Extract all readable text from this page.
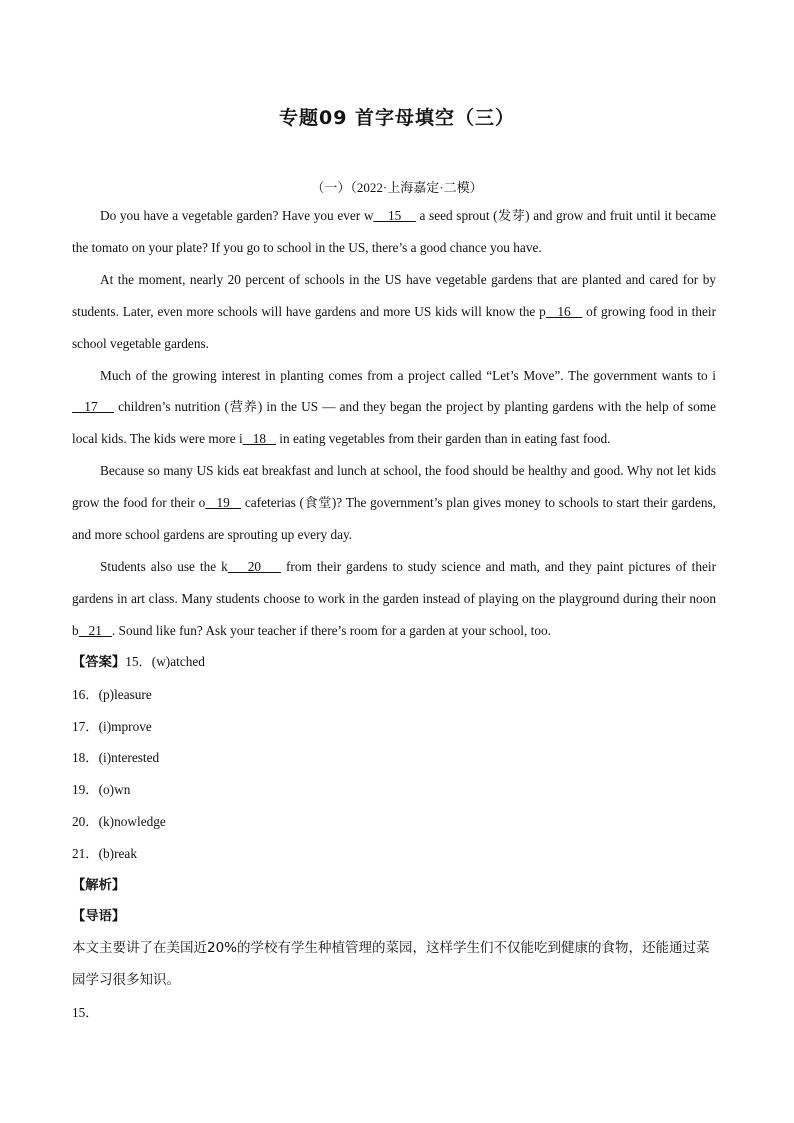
专题09 首字母填空（三）
（一）（2022·上海嘉定·二模）

Do you have a vegetable garden? Have you ever w    15     a seed sprout (发芽) and grow and fruit until it became the tomato on your plate? If you go to school in the US, there’s a good chance you have.

At the moment, nearly 20 percent of schools in the US have vegetable gardens that are planted and cared for by students. Later, even more schools will have gardens and more US kids will know the p   16    of growing food in their school vegetable gardens.

Much of the growing interest in planting comes from a project called “Let’s Move”. The government wants to i   17     children’s nutrition (营养) in the US — and they began the project by planting gardens with the help of some local kids. The kids were more i   18    in eating vegetables from their garden than in eating fast food.

Because so many US kids eat breakfast and lunch at school, the food should be healthy and good. Why not let kids grow the food for their o   19    cafeterias (食堂)? The government’s plan gives money to schools to start their gardens, and more school gardens are sprouting up every day.

Students also use the k    20     from their gardens to study science and math, and they paint pictures of their gardens in art class. Many students choose to work in the garden instead of playing on the playground during their noon b   21   . Sound like fun? Ask your teacher if there’s room for a garden at your school, too.

【答案】15．(w)atched
16．(p)leasure
17．(i)mprove
18．(i)nterested
19．(o)wn
20．(k)nowledge
21．(b)reak
【解析】
【导语】
本文主要讲了在美国近20%的学校有学生种植管理的菜园，这样学生们不仅能吃到健康的食物，还能通过菜园学习很多知识。
15．
